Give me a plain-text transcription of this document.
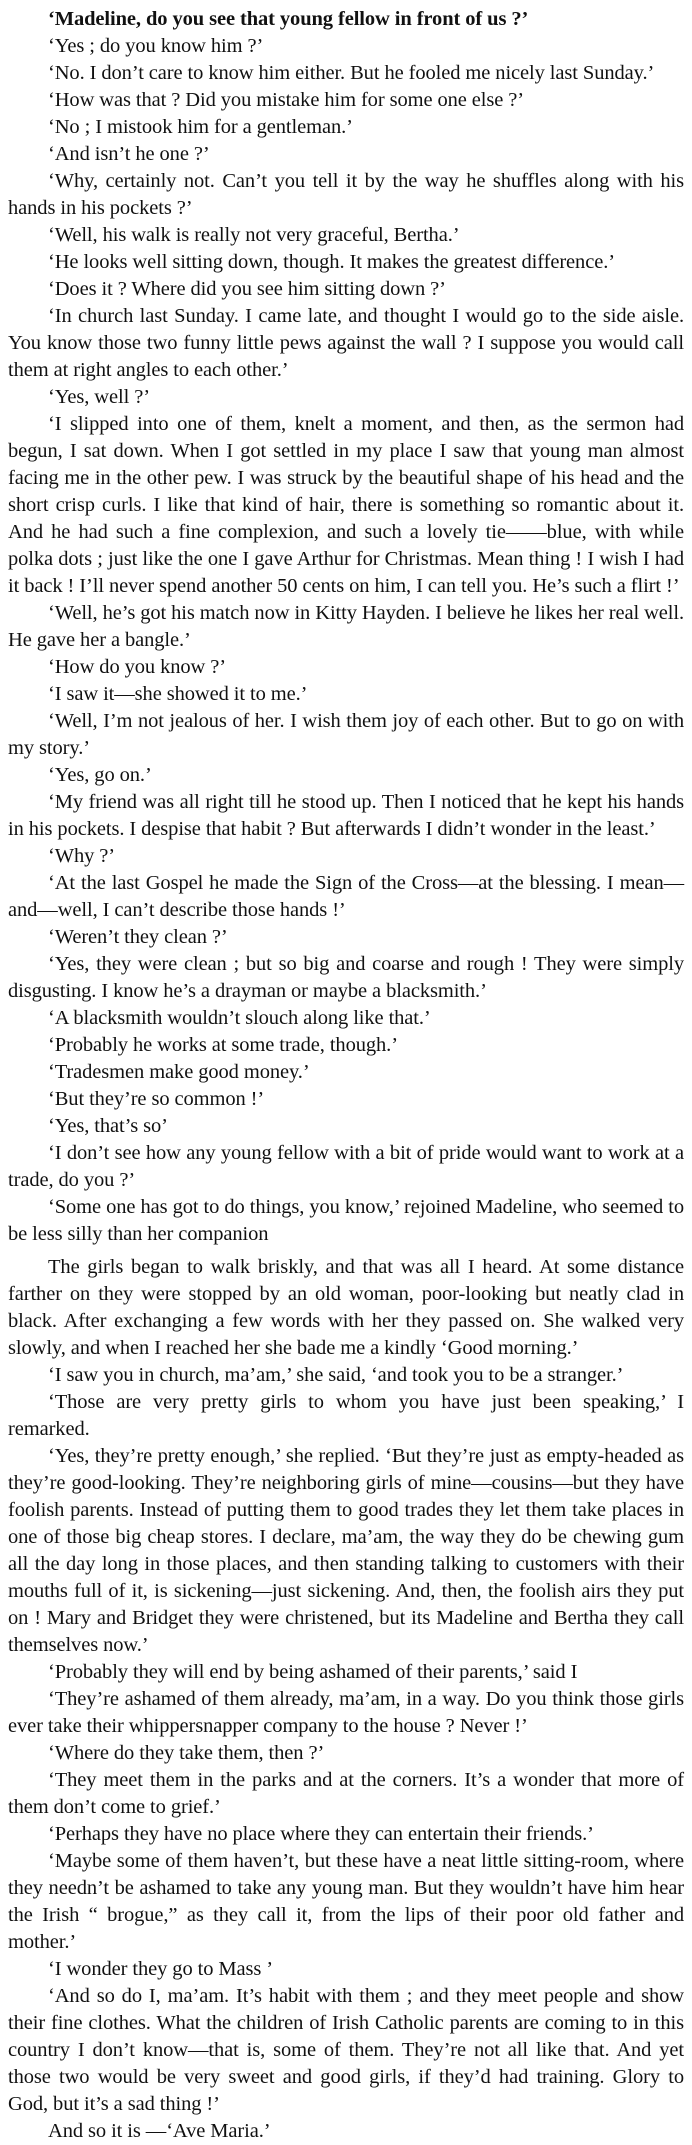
‘Madeline, do you see that young fellow in front of us ?’

‘Yes ; do you know him ?’

‘No. I don’t care to know him either. But he fooled me nicely last Sunday.’

‘How was that ? Did you mistake him for some one else ?’

‘No ; I mistook him for a gentleman.’

‘And isn’t he one ?’

‘Why, certainly not. Can’t you tell it by the way he shuffles along with his hands in his pockets ?’

‘Well, his walk is really not very graceful, Bertha.’

‘He looks well sitting down, though. It makes the greatest difference.’

‘Does it ? Where did you see him sitting down ?’

‘In church last Sunday. I came late, and thought I would go to the side aisle. You know those two funny little pews against the wall ? I suppose you would call them at right angles to each other.’

‘Yes, well ?’

‘I slipped into one of them, knelt a moment, and then, as the sermon had begun, I sat down. When I got settled in my place I saw that young man almost facing me in the other pew. I was struck by the beautiful shape of his head and the short crisp curls. I like that kind of hair, there is something so romantic about it. And he had such a fine complexion, and such a lovely tie——blue, with while polka dots ; just like the one I gave Arthur for Christmas. Mean thing ! I wish I had it back ! I’ll never spend another 50 cents on him, I can tell you. He’s such a flirt !’

‘Well, he’s got his match now in Kitty Hayden. I believe he likes her real well. He gave her a bangle.’

‘How do you know ?’

‘I saw it—she showed it to me.’

‘Well, I’m not jealous of her. I wish them joy of each other. But to go on with my story.’

‘Yes, go on.’

‘My friend was all right till he stood up. Then I noticed that he kept his hands in his pockets. I despise that habit ? But afterwards I didn’t wonder in the least.’

‘Why ?’

‘At the last Gospel he made the Sign of the Cross—at the blessing. I mean—and—well, I can’t describe those hands !’

‘Weren’t they clean ?’

‘Yes, they were clean ; but so big and coarse and rough ! They were simply disgusting. I know he’s a drayman or maybe a blacksmith.’

‘A blacksmith wouldn’t slouch along like that.’

‘Probably he works at some trade, though.’

‘Tradesmen make good money.’

‘But they’re so common !’

‘Yes, that’s so’

‘I don’t see how any young fellow with a bit of pride would want to work at a trade, do you ?’

‘Some one has got to do things, you know,’ rejoined Madeline, who seemed to be less silly than her companion

The girls began to walk briskly, and that was all I heard. At some distance farther on they were stopped by an old woman, poor-looking but neatly clad in black. After exchanging a few words with her they passed on. She walked very slowly, and when I reached her she bade me a kindly ‘Good morning.’

‘I saw you in church, ma’am,’ she said, ‘and took you to be a stranger.’

‘Those are very pretty girls to whom you have just been speaking,’ I remarked.

‘Yes, they’re pretty enough,’ she replied. ‘But they’re just as empty-headed as they’re good-looking. They’re neighboring girls of mine—cousins—but they have foolish parents. Instead of putting them to good trades they let them take places in one of those big cheap stores. I declare, ma’am, the way they do be chewing gum all the day long in those places, and then standing talking to customers with their mouths full of it, is sickening—just sickening. And, then, the foolish airs they put on ! Mary and Bridget they were christened, but its Madeline and Bertha they call themselves now.’

‘Probably they will end by being ashamed of their parents,’ said I

‘They’re ashamed of them already, ma’am, in a way. Do you think those girls ever take their whippersnapper company to the house ? Never !’

‘Where do they take them, then ?’

‘They meet them in the parks and at the corners. It’s a wonder that more of them don’t come to grief.’

‘Perhaps they have no place where they can entertain their friends.’

‘Maybe some of them haven’t, but these have a neat little sitting-room, where they needn’t be ashamed to take any young man. But they wouldn’t have him hear the Irish “ brogue,” as they call it, from the lips of their poor old father and mother.’

‘I wonder they go to Mass ’

‘And so do I, ma’am. It’s habit with them ; and they meet people and show their fine clothes. What the children of Irish Catholic parents are coming to in this country I don’t know—that is, some of them. They’re not all like that. And yet those two would be very sweet and good girls, if they’d had training. Glory to God, but it’s a sad thing !’

And so it is —‘Ave Maria.’
